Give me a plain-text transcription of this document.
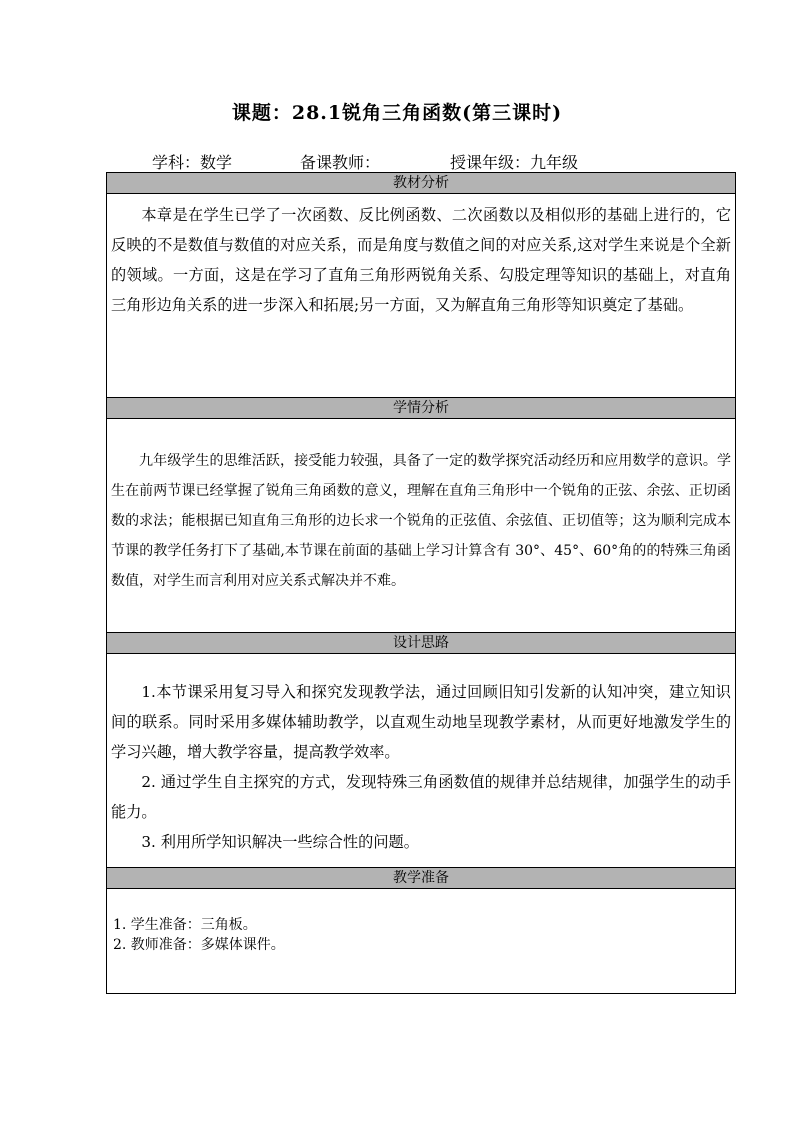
课题：28.1锐角三角函数(第三课时)
学科：数学	备课教师：	授课年级：九年级
教材分析

本章是在学生已学了一次函数、反比例函数、二次函数以及相似形的基础上进行的，它反映的不是数值与数值的对应关系，而是角度与数值之间的对应关系,这对学生来说是个全新的领域。一方面，这是在学习了直角三角形两锐角关系、勾股定理等知识的基础上，对直角三角形边角关系的进一步深入和拓展;另一方面，又为解直角三角形等知识奠定了基础。

学情分析

九年级学生的思维活跃，接受能力较强，具备了一定的数学探究活动经历和应用数学的意识。学生在前两节课已经掌握了锐角三角函数的意义，理解在直角三角形中一个锐角的正弦、余弦、正切函数的求法；能根据已知直角三角形的边长求一个锐角的正弦值、余弦值、正切值等；这为顺利完成本节课的教学任务打下了基础,本节课在前面的基础上学习计算含有 30°、45°、60°角的的特殊三角函数值，对学生而言利用对应关系式解决并不难。

设计思路

1.本节课采用复习导入和探究发现教学法，通过回顾旧知引发新的认知冲突，建立知识间的联系。同时采用多媒体辅助教学，以直观生动地呈现教学素材，从而更好地激发学生的学习兴趣，增大教学容量，提高教学效率。

2. 通过学生自主探究的方式，发现特殊三角函数值的规律并总结规律，加强学生的动手能力。

3. 利用所学知识解决一些综合性的问题。

教学准备
1. 学生准备：三角板。
2. 教师准备：多媒体课件。
